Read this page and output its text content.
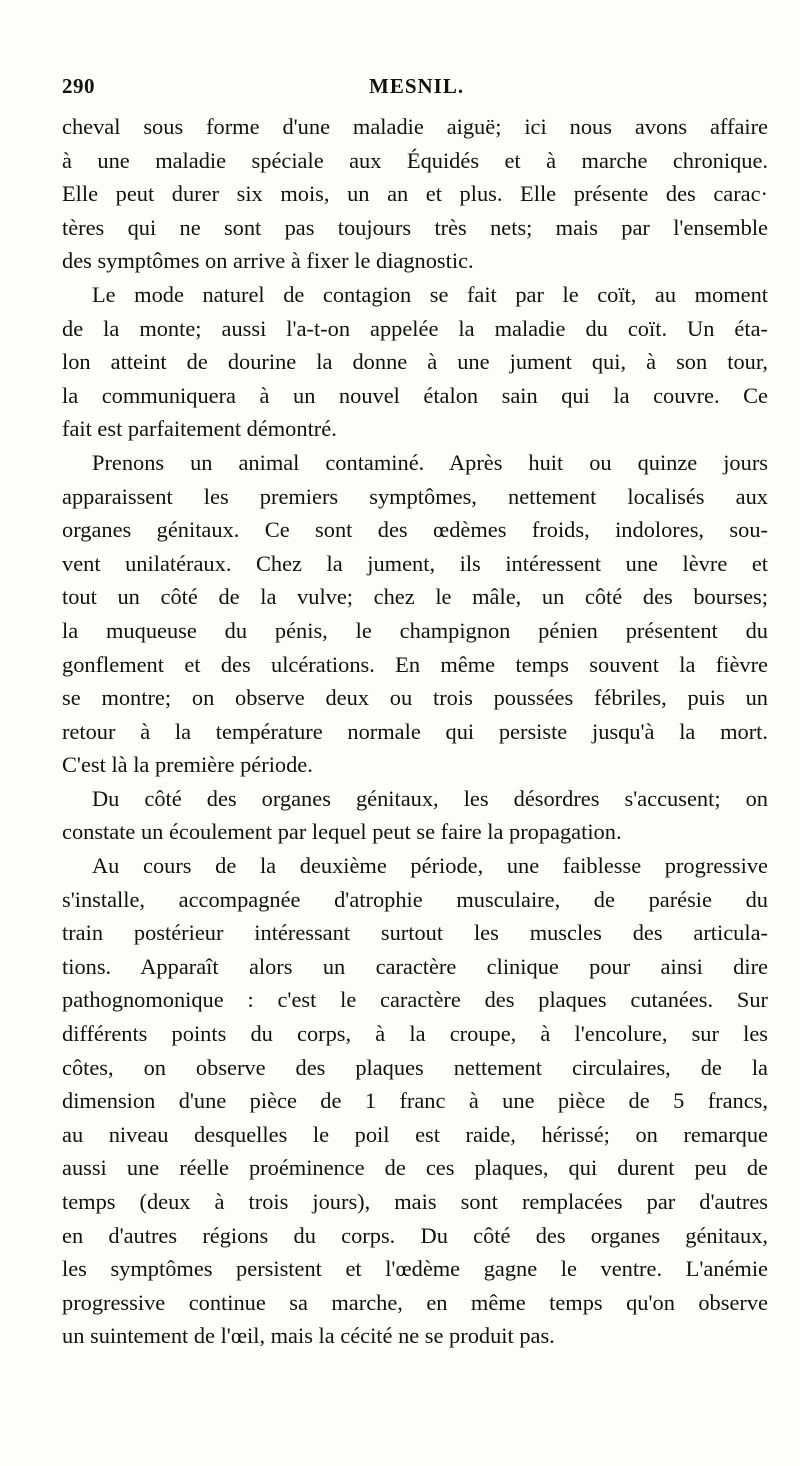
290	MESNIL.
cheval sous forme d'une maladie aiguë; ici nous avons affaire
à une maladie spéciale aux Équidés et à marche chronique.
Elle peut durer six mois, un an et plus. Elle présente des carac·
tères qui ne sont pas toujours très nets; mais par l'ensemble
des symptômes on arrive à fixer le diagnostic.
Le mode naturel de contagion se fait par le coït, au moment
de la monte; aussi l'a-t-on appelée la maladie du coït. Un éta-
lon atteint de dourine la donne à une jument qui, à son tour,
la communiquera à un nouvel étalon sain qui la couvre. Ce
fait est parfaitement démontré.
Prenons un animal contaminé. Après huit ou quinze jours
apparaissent les premiers symptômes, nettement localisés aux
organes génitaux. Ce sont des œdèmes froids, indolores, sou-
vent unilatéraux. Chez la jument, ils intéressent une lèvre et
tout un côté de la vulve; chez le mâle, un côté des bourses;
la muqueuse du pénis, le champignon pénien présentent du
gonflement et des ulcérations. En même temps souvent la fièvre
se montre; on observe deux ou trois poussées fébriles, puis un
retour à la température normale qui persiste jusqu'à la mort.
C'est là la première période.
Du côté des organes génitaux, les désordres s'accusent; on
constate un écoulement par lequel peut se faire la propagation.
Au cours de la deuxième période, une faiblesse progressive
s'installe, accompagnée d'atrophie musculaire, de parésie du
train postérieur intéressant surtout les muscles des articula-
tions. Apparaît alors un caractère clinique pour ainsi dire
pathognomonique : c'est le caractère des plaques cutanées. Sur
différents points du corps, à la croupe, à l'encolure, sur les
côtes, on observe des plaques nettement circulaires, de la
dimension d'une pièce de 1 franc à une pièce de 5 francs,
au niveau desquelles le poil est raide, hérissé; on remarque
aussi une réelle proéminence de ces plaques, qui durent peu de
temps (deux à trois jours), mais sont remplacées par d'autres
en d'autres régions du corps. Du côté des organes génitaux,
les symptômes persistent et l'œdème gagne le ventre. L'anémie
progressive continue sa marche, en même temps qu'on observe
un suintement de l'œil, mais la cécité ne se produit pas.
